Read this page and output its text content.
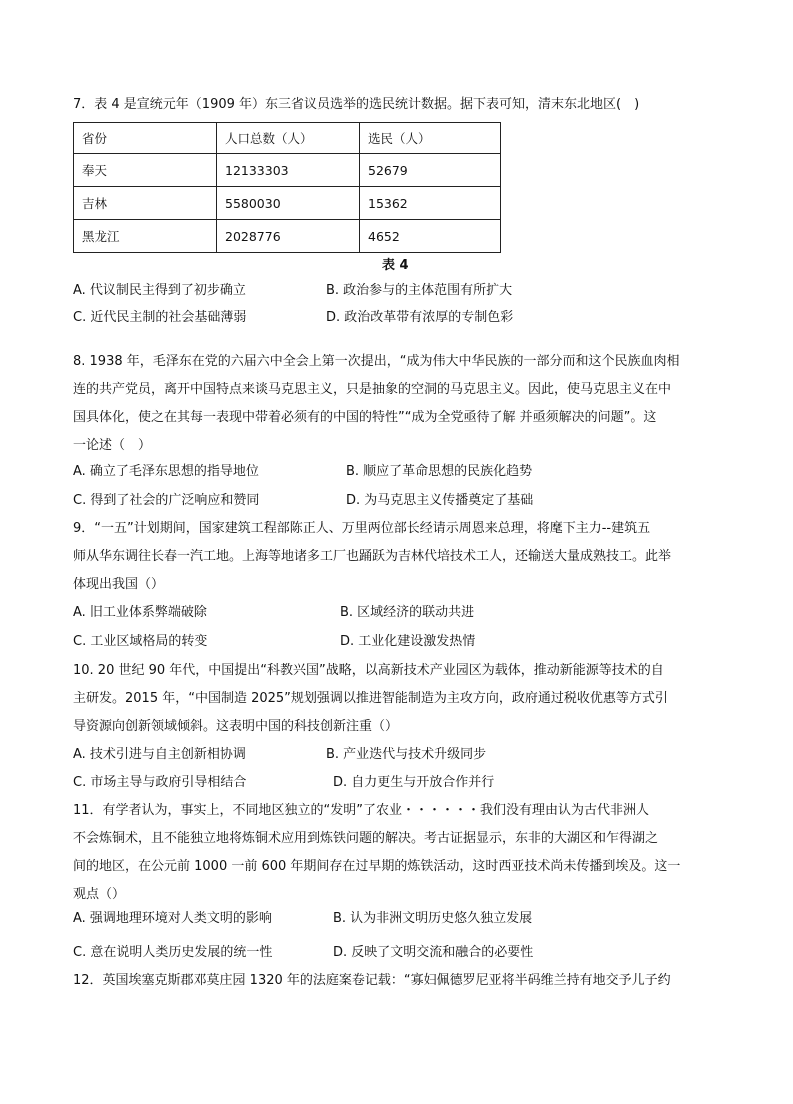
7．表 4 是宣统元年（1909 年）东三省议员选举的选民统计数据。据下表可知，清末东北地区(　)
省份	人口总数（人）	选民（人）
奉天	12133303	52679
吉林	5580030	15362
黑龙江	2028776	4652
表 4
A. 代议制民主得到了初步确立	B. 政治参与的主体范围有所扩大
C. 近代民主制的社会基础薄弱	D. 政治改革带有浓厚的专制色彩
8. 1938 年，毛泽东在党的六届六中全会上第一次提出，“成为伟大中华民族的一部分而和这个民族血肉相
连的共产党员，离开中国特点来谈马克思主义，只是抽象的空洞的马克思主义。因此，使马克思主义在中
国具体化，使之在其每一表现中带着必须有的中国的特性”“成为全党亟待了解 并亟须解决的问题”。这
一论述（　）
A. 确立了毛泽东思想的指导地位	B. 顺应了革命思想的民族化趋势
C. 得到了社会的广泛响应和赞同	D. 为马克思主义传播奠定了基础
9．“一五”计划期间，国家建筑工程部陈正人、万里两位部长经请示周恩来总理，将麾下主力--建筑五
师从华东调往长春一汽工地。上海等地诸多工厂也踊跃为吉林代培技术工人，还输送大量成熟技工。此举
体现出我国（）
A. 旧工业体系弊端破除	B. 区域经济的联动共进
C. 工业区域格局的转变	D. 工业化建设激发热情
10. 20 世纪 90 年代，中国提出“科教兴国”战略，以高新技术产业园区为载体，推动新能源等技术的自
主研发。2015 年，“中国制造 2025”规划强调以推进智能制造为主攻方向，政府通过税收优惠等方式引
导资源向创新领域倾斜。这表明中国的科技创新注重（）
A. 技术引进与自主创新相协调	B. 产业迭代与技术升级同步
C. 市场主导与政府引导相结合	D. 自力更生与开放合作并行
11．有学者认为，事实上，不同地区独立的“发明”了农业・・・・・・我们没有理由认为古代非洲人
不会炼铜术，且不能独立地将炼铜术应用到炼铁问题的解决。考古证据显示，东非的大湖区和乍得湖之
间的地区，在公元前 1000 一前 600 年期间存在过早期的炼铁活动，这时西亚技术尚未传播到埃及。这一
观点（）
A. 强调地理环境对人类文明的影响	B. 认为非洲文明历史悠久独立发展
C. 意在说明人类历史发展的统一性	D. 反映了文明交流和融合的必要性
12．英国埃塞克斯郡邓莫庄园 1320 年的法庭案卷记载：“寡妇佩德罗尼亚将半码维兰持有地交予儿子约
